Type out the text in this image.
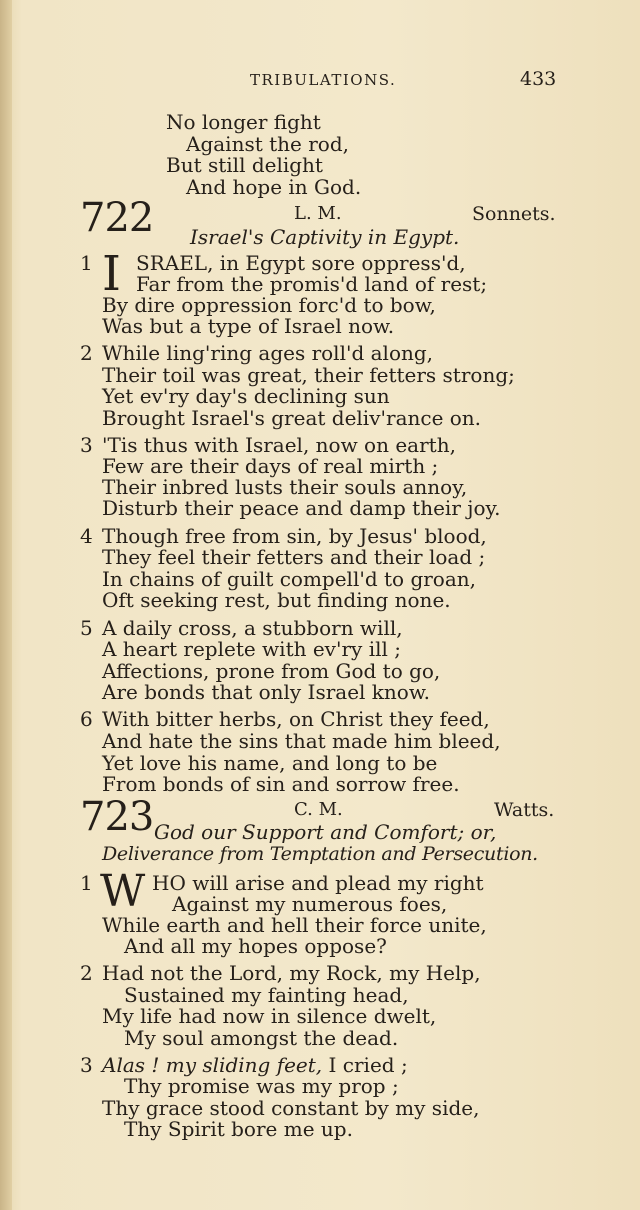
TRIBULATIONS.	433
No longer fight
Against the rod,
But still delight
And hope in God.
722	L. M.	Sonnets.
Israel's Captivity in Egypt.
1 I SRAEL, in Egypt sore oppress'd,
Far from the promis'd land of rest;
By dire oppression forc'd to bow,
Was but a type of Israel now.
2 While ling'ring ages roll'd along,
Their toil was great, their fetters strong;
Yet ev'ry day's declining sun
Brought Israel's great deliv'rance on.
3 'Tis thus with Israel, now on earth,
Few are their days of real mirth ;
Their inbred lusts their souls annoy,
Disturb their peace and damp their joy.
4 Though free from sin, by Jesus' blood,
They feel their fetters and their load ;
In chains of guilt compell'd to groan,
Oft seeking rest, but finding none.
5 A daily cross, a stubborn will,
A heart replete with ev'ry ill ;
Affections, prone from God to go,
Are bonds that only Israel know.
6 With bitter herbs, on Christ they feed,
And hate the sins that made him bleed,
Yet love his name, and long to be
From bonds of sin and sorrow free.
723	C. M.	Watts.
God our Support and Comfort; or,
Deliverance from Temptation and Persecution.
1 W HO will arise and plead my right
Against my numerous foes,
While earth and hell their force unite,
And all my hopes oppose?
2 Had not the Lord, my Rock, my Help,
Sustained my fainting head,
My life had now in silence dwelt,
My soul amongst the dead.
3 Alas ! my sliding feet, I cried ;
Thy promise was my prop ;
Thy grace stood constant by my side,
Thy Spirit bore me up.
